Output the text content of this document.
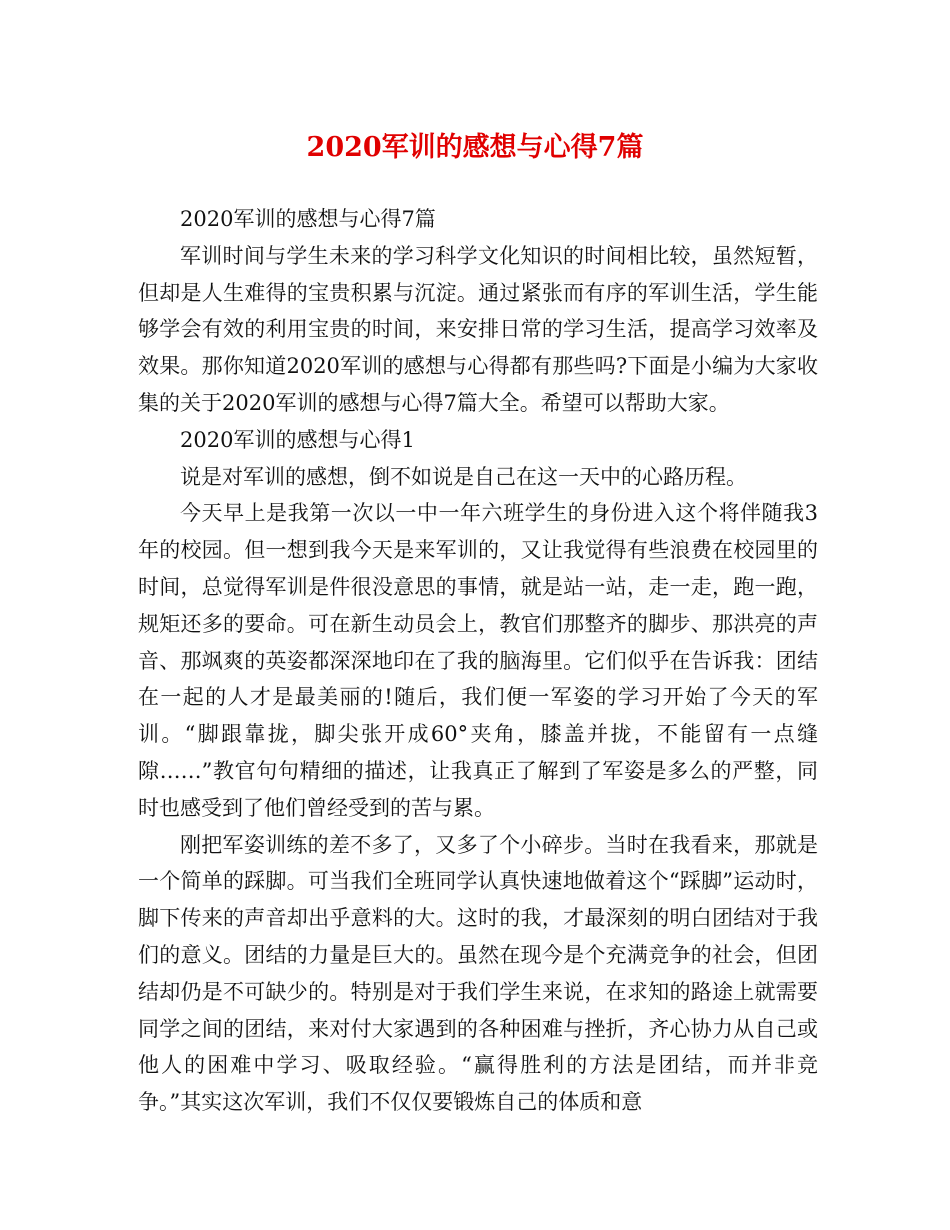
2020军训的感想与心得7篇

2020军训的感想与心得7篇

军训时间与学生未来的学习科学文化知识的时间相比较，虽然短暂，但却是人生难得的宝贵积累与沉淀。通过紧张而有序的军训生活，学生能够学会有效的利用宝贵的时间，来安排日常的学习生活，提高学习效率及效果。那你知道2020军训的感想与心得都有那些吗?下面是小编为大家收集的关于2020军训的感想与心得7篇大全。希望可以帮助大家。

2020军训的感想与心得1

说是对军训的感想，倒不如说是自己在这一天中的心路历程。

今天早上是我第一次以一中一年六班学生的身份进入这个将伴随我3年的校园。但一想到我今天是来军训的，又让我觉得有些浪费在校园里的时间，总觉得军训是件很没意思的事情，就是站一站，走一走，跑一跑，规矩还多的要命。可在新生动员会上，教官们那整齐的脚步、那洪亮的声音、那飒爽的英姿都深深地印在了我的脑海里。它们似乎在告诉我：团结在一起的人才是最美丽的!随后，我们便一军姿的学习开始了今天的军训。“脚跟靠拢，脚尖张开成60°夹角，膝盖并拢，不能留有一点缝隙……”教官句句精细的描述，让我真正了解到了军姿是多么的严整，同时也感受到了他们曾经受到的苦与累。

刚把军姿训练的差不多了，又多了个小碎步。当时在我看来，那就是一个简单的踩脚。可当我们全班同学认真快速地做着这个“踩脚”运动时，脚下传来的声音却出乎意料的大。这时的我，才最深刻的明白团结对于我们的意义。团结的力量是巨大的。虽然在现今是个充满竞争的社会，但团结却仍是不可缺少的。特别是对于我们学生来说，在求知的路途上就需要同学之间的团结，来对付大家遇到的各种困难与挫折，齐心协力从自己或他人的困难中学习、吸取经验。“赢得胜利的方法是团结，而并非竞争。”其实这次军训，我们不仅仅要锻炼自己的体质和意
